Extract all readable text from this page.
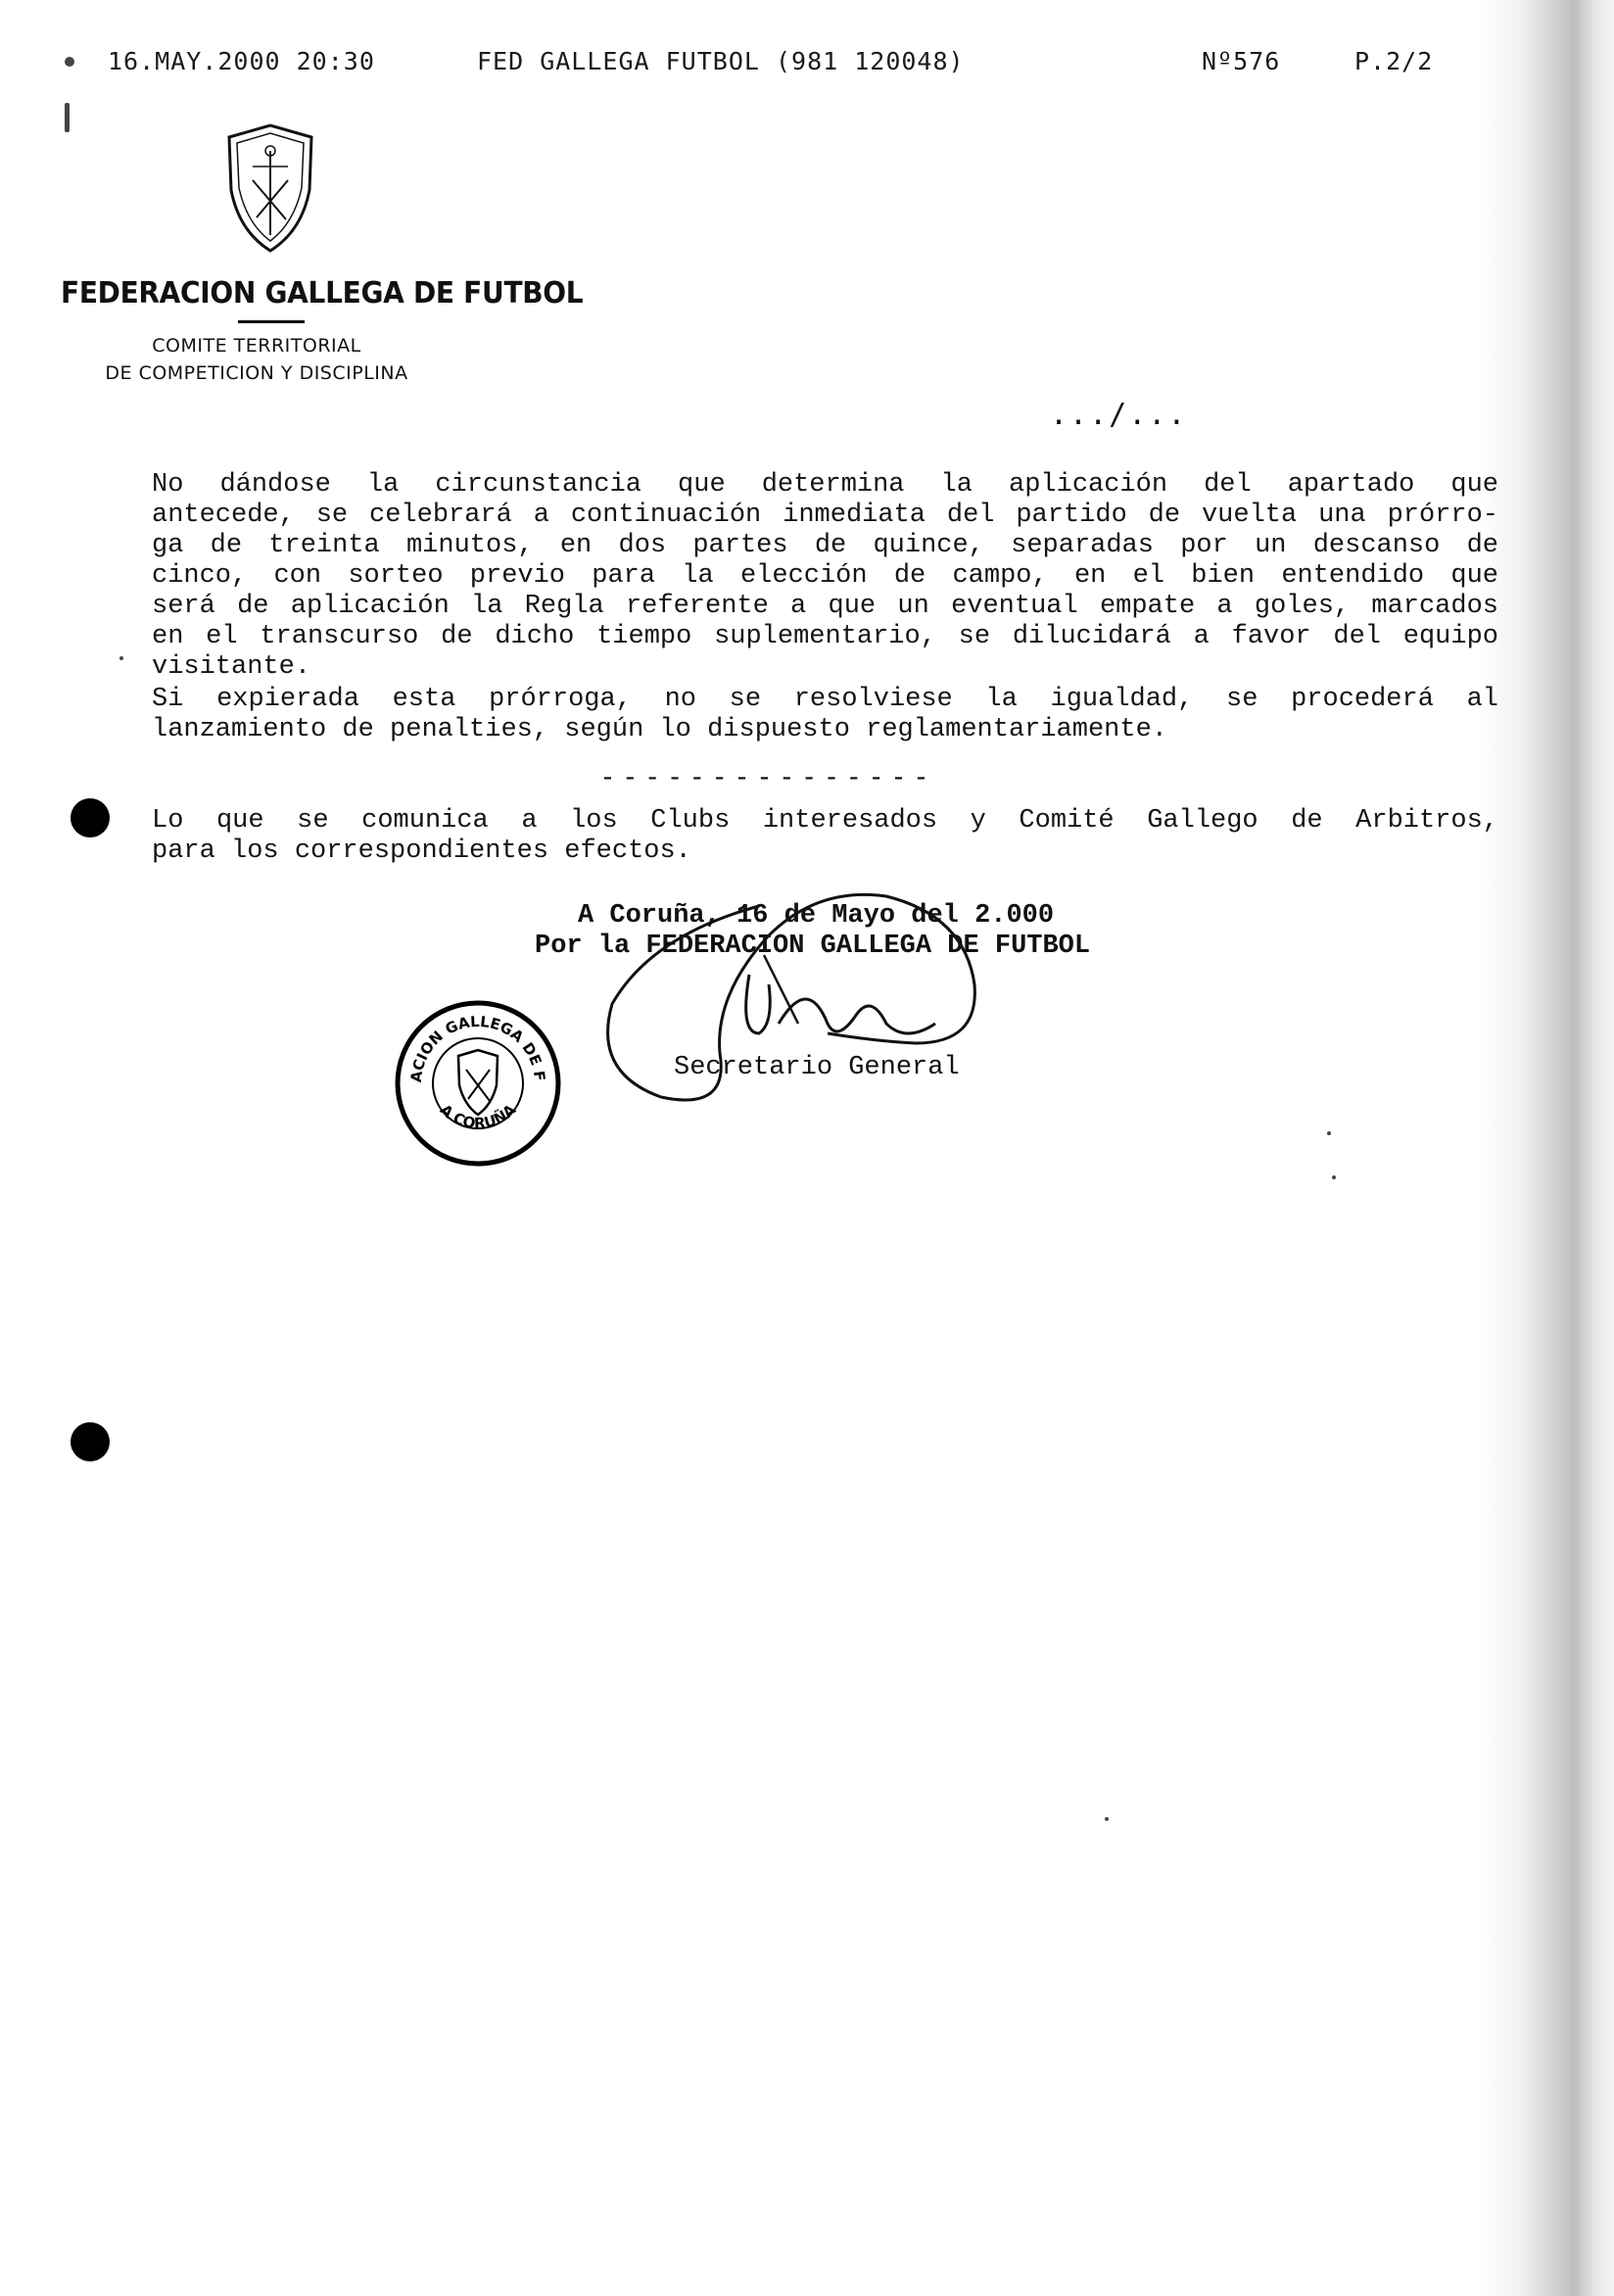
16.MAY.2000 20:30	FED GALLEGA FUTBOL (981 120048)	Nº576	P.2/2
FEDERACION GALLEGA DE FUTBOL
COMITE TERRITORIAL
DE COMPETICION Y DISCIPLINA
.../...
No dándose la circunstancia que determina la aplicación del apartado que
antecede, se celebrará a continuación inmediata del partido de vuelta una prórro-
ga de treinta minutos, en dos partes de quince, separadas por un descanso de
cinco, con sorteo previo para la elección de campo, en el bien entendido que
será de aplicación la Regla referente a que un eventual empate a goles, marcados
en el transcurso de dicho tiempo suplementario, se dilucidará a favor del equipo
visitante.
Si expierada esta prórroga, no se resolviese la igualdad, se procederá al
lanzamiento de penalties, según lo dispuesto reglamentariamente.
---------------
Lo que se comunica a los Clubs interesados y Comité Gallego de Arbitros,
para los correspondientes efectos.
A Coruña, 16 de Mayo del 2.000
Por la FEDERACION GALLEGA DE FUTBOL
Secretario General
ACION GALLEGA DE F
A CORUÑA
